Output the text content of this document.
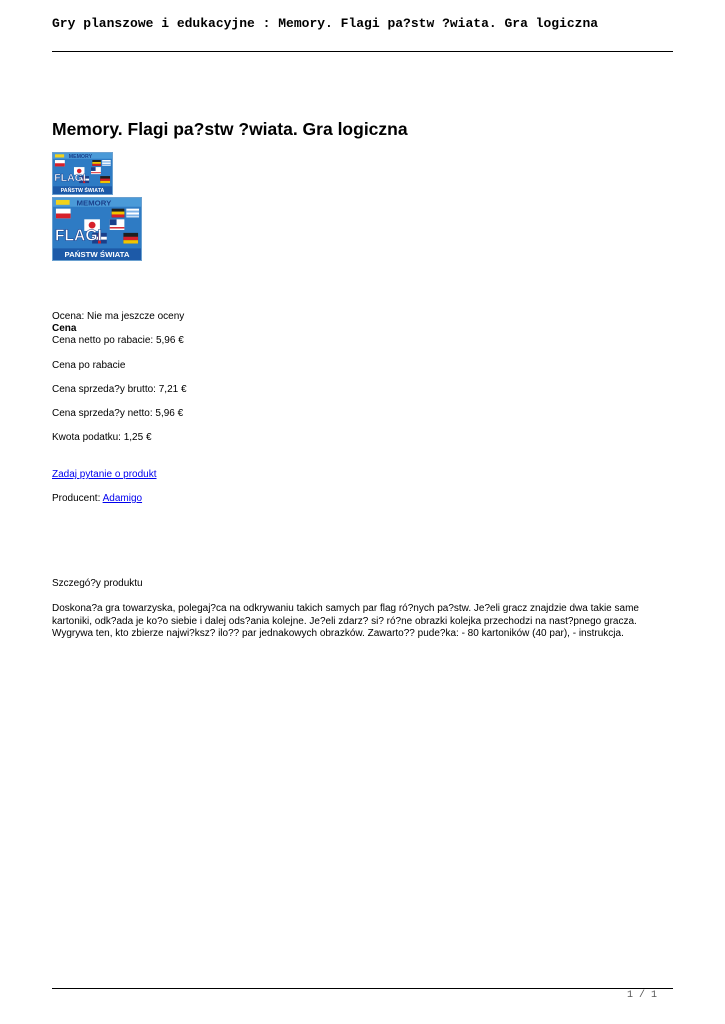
Gry planszowe i edukacyjne : Memory. Flagi pa?stw ?wiata. Gra logiczna
Memory. Flagi pa?stw ?wiata. Gra logiczna
MEMORY
FLAGI
PAŃSTW ŚWIATA
MEMORY
FLAGI
PAŃSTW ŚWIATA
Ocena: Nie ma jeszcze oceny
Cena
Cena netto po rabacie: 5,96 €
Cena po rabacie
Cena sprzeda?y brutto: 7,21 €
Cena sprzeda?y netto: 5,96 €
Kwota podatku: 1,25 €
Zadaj pytanie o produkt
Producent: Adamigo
Szczegó?y produktu
Doskona?a gra towarzyska, polegaj?ca na odkrywaniu takich samych par flag ró?nych pa?stw. Je?eli gracz znajdzie dwa takie same kartoniki, odk?ada je ko?o siebie i dalej ods?ania kolejne. Je?eli zdarz? si? ró?ne obrazki kolejka przechodzi na nast?pnego gracza. Wygrywa ten, kto zbierze najwi?ksz? ilo?? par jednakowych obrazków. Zawarto?? pude?ka: - 80 kartoników (40 par), - instrukcja.
1 / 1
